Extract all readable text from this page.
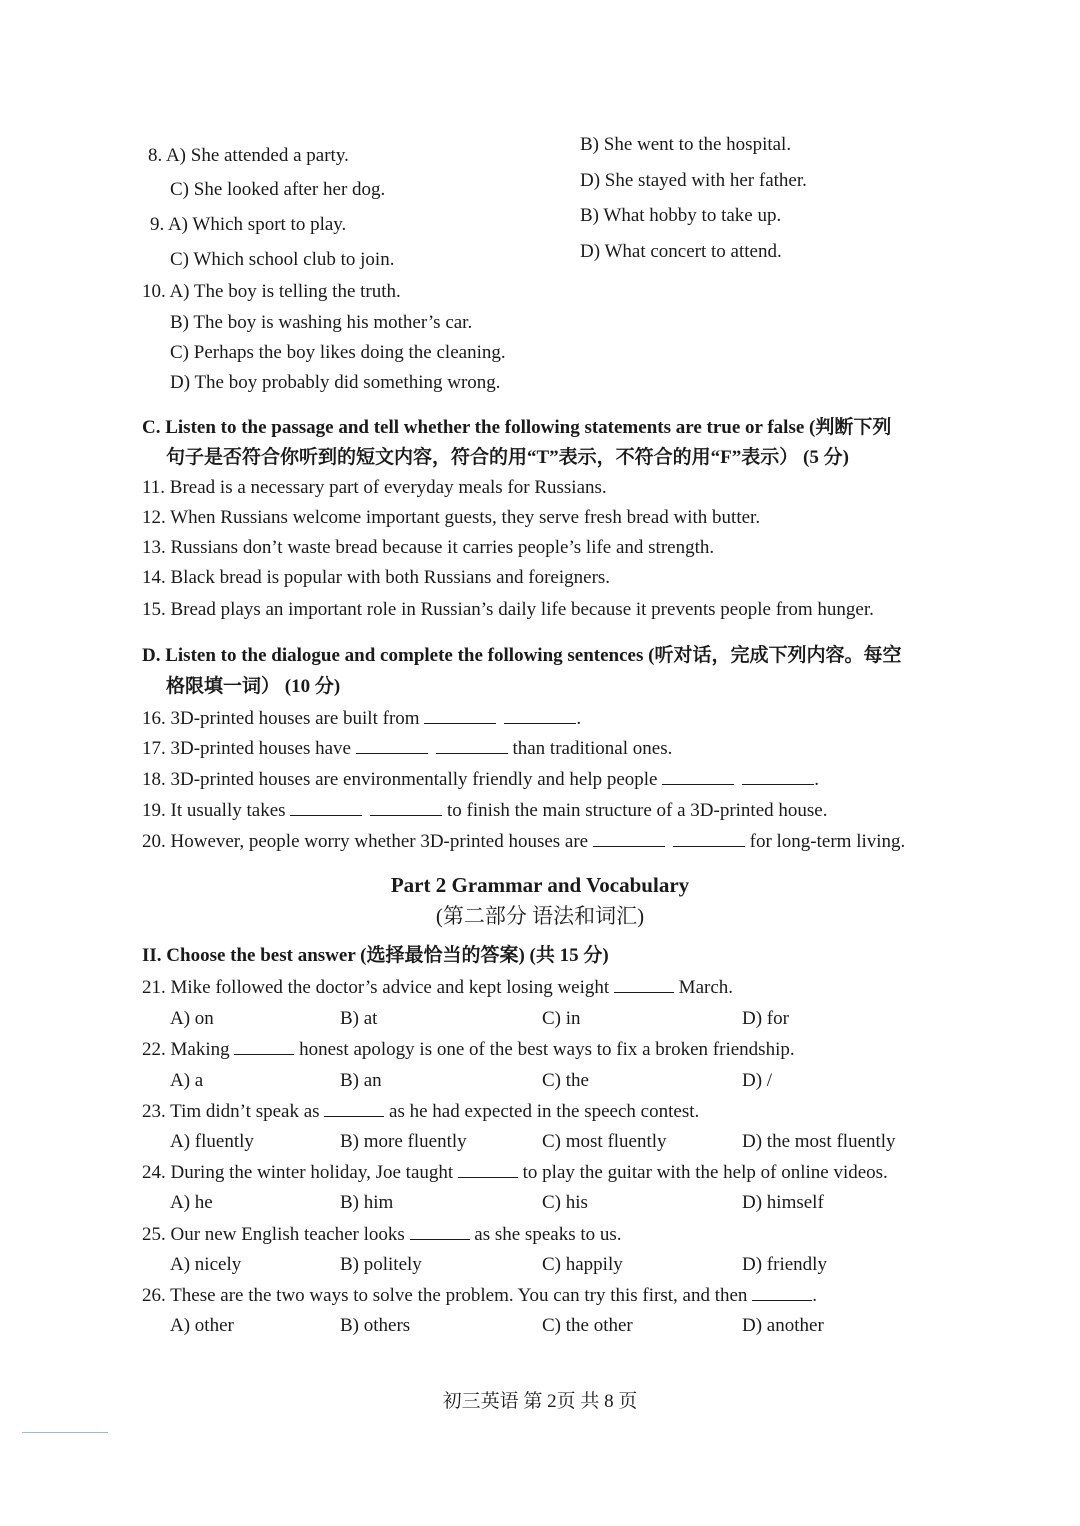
8. A) She attended a party.
B) She went to the hospital.
C) She looked after her dog.	D) She stayed with her father.
9. A) Which sport to play.	B) What hobby to take up.
C) Which school club to join.	D) What concert to attend.
10. A) The boy is telling the truth.
B) The boy is washing his mother’s car.
C) Perhaps the boy likes doing the cleaning.
D) The boy probably did something wrong.
C. Listen to the passage and tell whether the following statements are true or false (判断下列
句子是否符合你听到的短文内容，符合的用“T”表示，不符合的用“F”表示） (5 分)
11. Bread is a necessary part of everyday meals for Russians.
12. When Russians welcome important guests, they serve fresh bread with butter.
13. Russians don’t waste bread because it carries people’s life and strength.
14. Black bread is popular with both Russians and foreigners.
15. Bread plays an important role in Russian’s daily life because it prevents people from hunger.
D. Listen to the dialogue and complete the following sentences (听对话，完成下列内容。每空
格限填一词） (10 分)
16. 3D-printed houses are built from	.
17. 3D-printed houses have	than traditional ones.
18. 3D-printed houses are environmentally friendly and help people	.
19. It usually takes	to finish the main structure of a 3D-printed house.
20. However, people worry whether 3D-printed houses are	for long-term living.
Part 2 Grammar and Vocabulary
(第二部分 语法和词汇)
II. Choose the best answer (选择最恰当的答案) (共 15 分)
21. Mike followed the doctor’s advice and kept losing weight	March.
A) on	B) at	C) in	D) for
22. Making	honest apology is one of the best ways to fix a broken friendship.
A) a	B) an	C) the	D) /
23. Tim didn’t speak as	as he had expected in the speech contest.
A) fluently	B) more fluently	C) most fluently	D) the most fluently
24. During the winter holiday, Joe taught	to play the guitar with the help of online videos.
A) he	B) him	C) his	D) himself
25. Our new English teacher looks	as she speaks to us.
A) nicely	B) politely	C) happily	D) friendly
26. These are the two ways to solve the problem. You can try this first, and then	.
A) other	B) others	C) the other	D) another
初三英语 第 2页 共 8 页
